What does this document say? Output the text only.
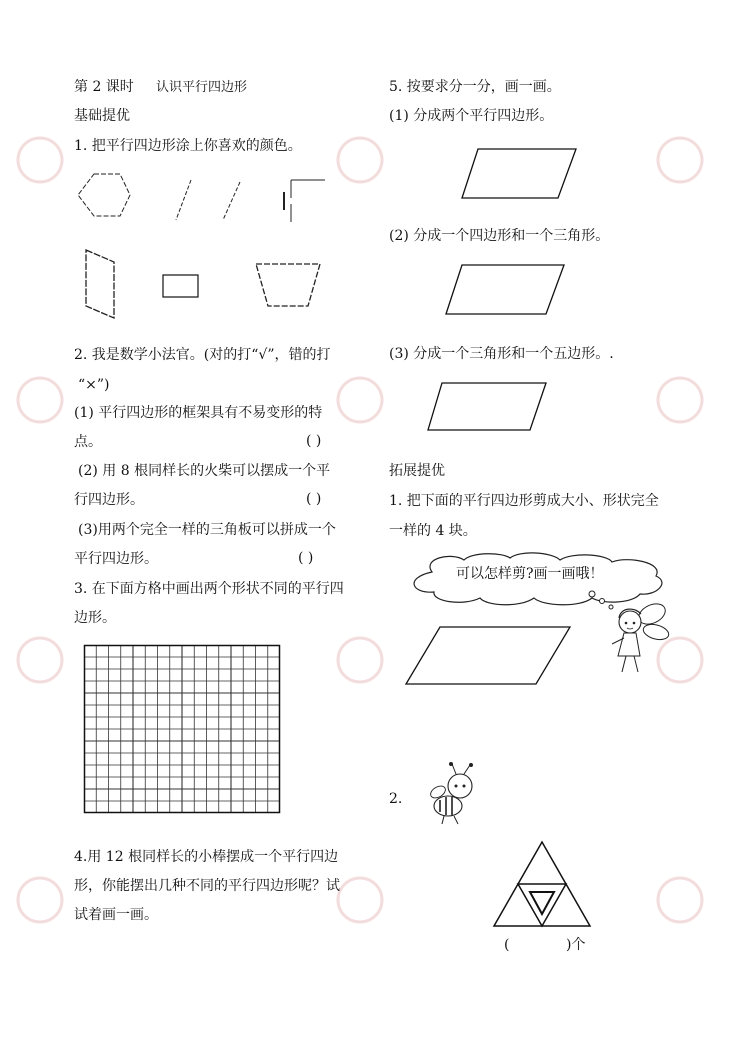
第 2 课时 认识平行四边形
基础提优
1. 把平行四边形涂上你喜欢的颜色。
2. 我是数学小法官。(对的打“√”，错的打
“×”)
(1) 平行四边形的框架具有不易变形的特
点。	( )
(2) 用 8 根同样长的火柴可以摆成一个平
行四边形。	( )
(3)用两个完全一样的三角板可以拼成一个
平行四边形。	( )
3. 在下面方格中画出两个形状不同的平行四
边形。
4.用 12 根同样长的小棒摆成一个平行四边
形，你能摆出几种不同的平行四边形呢？试
试着画一画。
5. 按要求分一分，画一画。
(1) 分成两个平行四边形。
(2) 分成一个四边形和一个三角形。
(3) 分成一个三角形和一个五边形。.
拓展提优
1. 把下面的平行四边形剪成大小、形状完全
一样的 4 块。
可以怎样剪?画一画哦！
2.
(	)个
